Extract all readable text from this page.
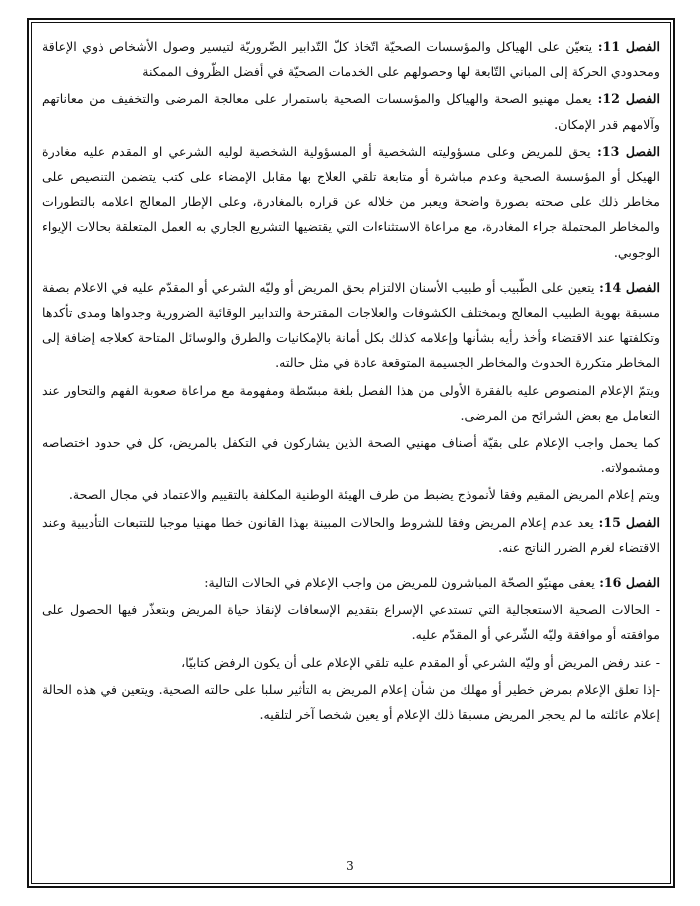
الفصل 11: يتعيّن على الهياكل والمؤسسات الصحيّة اتّخاذ كلّ التّدابير الضّروريّة لتيسير وصول الأشخاص ذوي الإعاقة ومحدودي الحركة إلى المباني التّابعة لها وحصولهم على الخدمات الصحيّة في أفضل الظّروف الممكنة

الفصل 12: يعمل مهنيو الصحة والهياكل والمؤسسات الصحية باستمرار على معالجة المرضى والتخفيف من معاناتهم وآلامهم قدر الإمكان.

الفصل 13: يحق للمريض وعلى مسؤوليته الشخصية أو المسؤولية الشخصية لوليه الشرعي او المقدم عليه مغادرة الهيكل أو المؤسسة الصحية وعدم مباشرة أو متابعة تلقي العلاج بها مقابل الإمضاء على كتب يتضمن التنصيص على مخاطر ذلك على صحته بصورة واضحة ويعبر من خلاله عن قراره بالمغادرة، وعلى الإطار المعالج اعلامه بالتطورات والمخاطر المحتملة جراء المغادرة، مع مراعاة الاستثناءات التي يقتضيها التشريع الجاري به العمل المتعلقة بحالات الإيواء الوجوبي.

الفصل 14: يتعين على الطّبيب أو طبيب الأسنان الالتزام بحق المريض أو وليّه الشرعي أو المقدّم عليه في الاعلام بصفة مسبقة بهوية الطبيب المعالج وبمختلف الكشوفات والعلاجات المقترحة والتدابير الوقائية الضرورية وجدواها ومدى تأكدها وتكلفتها عند الاقتضاء وأخذ رأيه بشأنها وإعلامه كذلك بكل أمانة بالإمكانيات والطرق والوسائل المتاحة كعلاجه إضافة إلى المخاطر متكررة الحدوث والمخاطر الجسيمة المتوقعة عادة في مثل حالته.

ويتمّ الإعلام المنصوص عليه بالفقرة الأولى من هذا الفصل بلغة مبسّطة ومفهومة مع مراعاة صعوبة الفهم والتحاور عند التعامل مع بعض الشرائح من المرضى.

كما يحمل واجب الإعلام على بقيّة أصناف مهنيي الصحة الذين يشاركون في التكفل بالمريض، كل في حدود اختصاصه ومشمولاته.

ويتم إعلام المريض المقيم وفقا لأنموذج يضبط من طرف الهيئة الوطنية المكلفة بالتقييم والاعتماد في مجال الصحة.

الفصل 15: يعد عدم إعلام المريض وفقا للشروط والحالات المبينة بهذا القانون خطا مهنيا موجبا للتتبعات التأديبية وعند الاقتضاء لغرم الضرر الناتج عنه.

الفصل 16: يعفى مهنيّو الصحّة المباشرون للمريض من واجب الإعلام في الحالات التالية:

- الحالات الصحية الاستعجالية التي تستدعي الإسراع بتقديم الإسعافات لإنقاذ حياة المريض وبتعذّر فيها الحصول على موافقته أو موافقة وليّه الشّرعي أو المقدّم عليه.

- عند رفض المريض أو وليّه الشرعي أو المقدم عليه تلقي الإعلام على أن يكون الرفض كتابيّا،

-إذا تعلق الإعلام بمرض خطير أو مهلك من شأن إعلام المريض به التأثير سلبا على حالته الصحية. ويتعين في هذه الحالة إعلام عائلته ما لم يحجر المريض مسبقا ذلك الإعلام أو يعين شخصا آخر لتلقيه.

3
